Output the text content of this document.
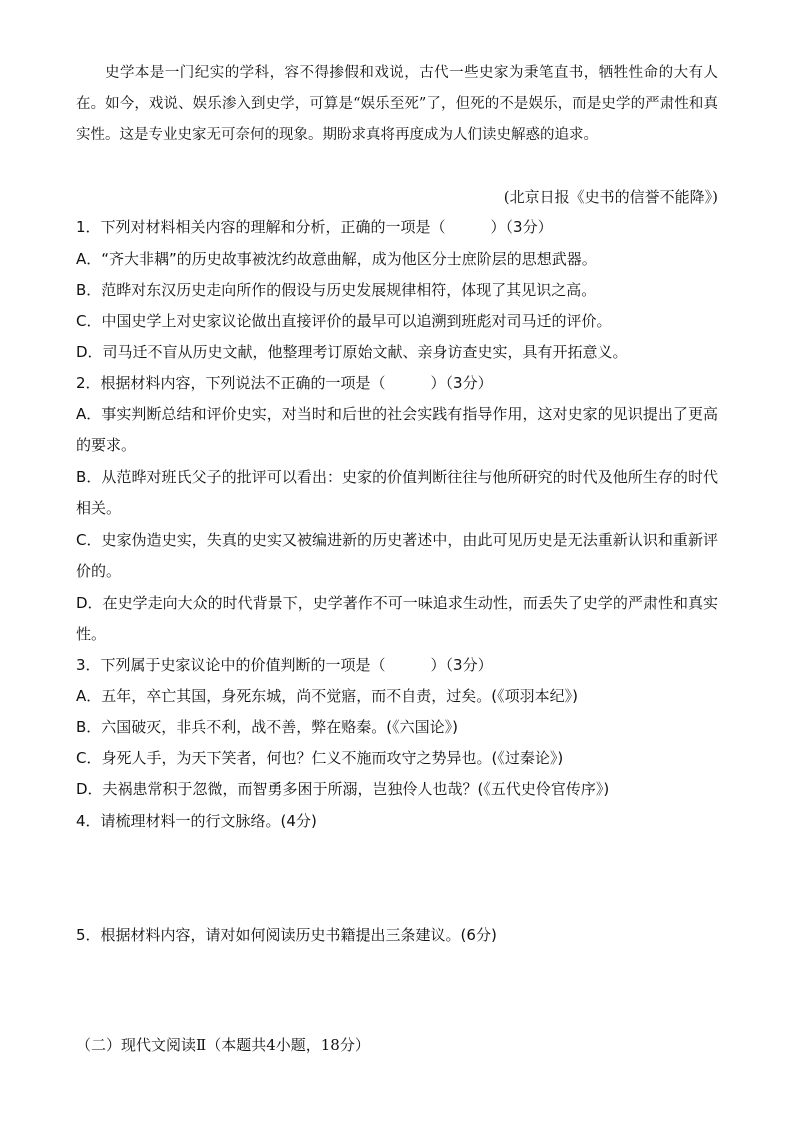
史学本是一门纪实的学科，容不得掺假和戏说，古代一些史家为秉笔直书，牺牲性命的大有人在。如今，戏说、娱乐渗入到史学，可算是“娱乐至死”了，但死的不是娱乐，而是史学的严肃性和真实性。这是专业史家无可奈何的现象。期盼求真将再度成为人们读史解惑的追求。
(北京日报《史书的信誉不能降》)
1．下列对材料相关内容的理解和分析，正确的一项是（　　　）（3分）
A．“齐大非耦”的历史故事被沈约故意曲解，成为他区分士庶阶层的思想武器。
B．范晔对东汉历史走向所作的假设与历史发展规律相符，体现了其见识之高。
C．中国史学上对史家议论做出直接评价的最早可以追溯到班彪对司马迁的评价。
D．司马迁不盲从历史文献，他整理考订原始文献、亲身访查史实，具有开拓意义。
2．根据材料内容，下列说法不正确的一项是（　　　）（3分）
A．事实判断总结和评价史实，对当时和后世的社会实践有指导作用，这对史家的见识提出了更高的要求。
B．从范晔对班氏父子的批评可以看出：史家的价值判断往往与他所研究的时代及他所生存的时代相关。
C．史家伪造史实，失真的史实又被编进新的历史著述中，由此可见历史是无法重新认识和重新评价的。
D．在史学走向大众的时代背景下，史学著作不可一味追求生动性，而丢失了史学的严肃性和真实性。
3．下列属于史家议论中的价值判断的一项是（　　　）（3分）
A．五年，卒亡其国，身死东城，尚不觉寤，而不自责，过矣。(《项羽本纪》)
B．六国破灭，非兵不利，战不善，弊在赂秦。(《六国论》)
C．身死人手，为天下笑者，何也？仁义不施而攻守之势异也。(《过秦论》)
D．夫祸患常积于忽微，而智勇多困于所溺，岂独伶人也哉？(《五代史伶官传序》)
4．请梳理材料一的行文脉络。(4分)
5．根据材料内容，请对如何阅读历史书籍提出三条建议。(6分)
（二）现代文阅读Ⅱ（本题共4小题，18分）
